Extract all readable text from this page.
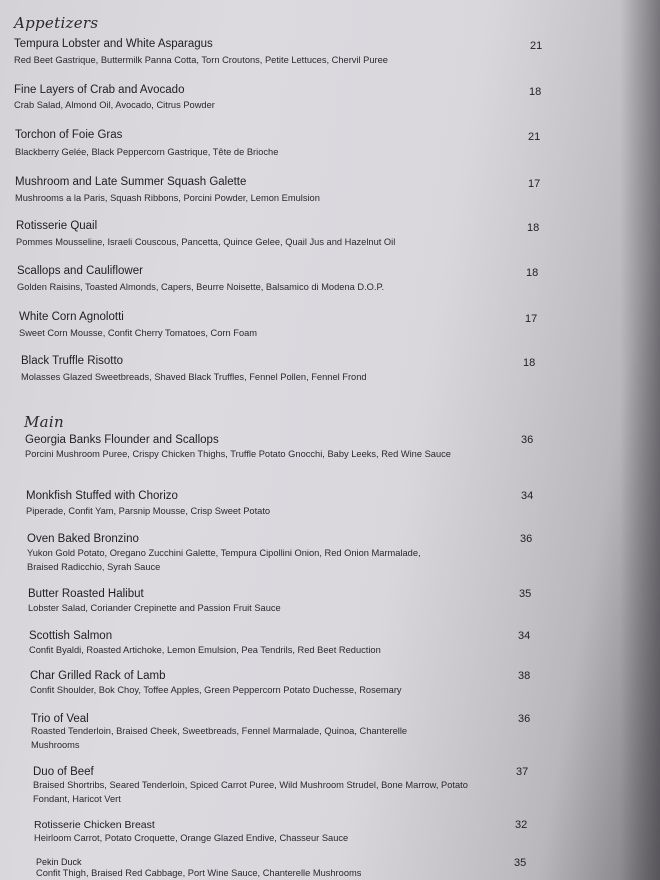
Appetizers
Tempura Lobster and White Asparagus
Red Beet Gastrique, Buttermilk Panna Cotta, Torn Croutons, Petite Lettuces, Chervil Puree
21
Fine Layers of Crab and Avocado
Crab Salad, Almond Oil, Avocado, Citrus Powder
18
Torchon of Foie Gras
Blackberry Gelée, Black Peppercorn Gastrique, Tête de Brioche
21
Mushroom and Late Summer Squash Galette
Mushrooms a la Paris, Squash Ribbons, Porcini Powder, Lemon Emulsion
17
Rotisserie Quail
Pommes Mousseline, Israeli Couscous, Pancetta, Quince Gelee, Quail Jus and Hazelnut Oil
18
Scallops and Cauliflower
Golden Raisins, Toasted Almonds, Capers, Beurre Noisette, Balsamico di Modena D.O.P.
18
White Corn Agnolotti
Sweet Corn Mousse, Confit Cherry Tomatoes, Corn Foam
17
Black Truffle Risotto
Molasses Glazed Sweetbreads, Shaved Black Truffles, Fennel Pollen, Fennel Frond
18
Main
Georgia Banks Flounder and Scallops
Porcini Mushroom Puree, Crispy Chicken Thighs, Truffle Potato Gnocchi, Baby Leeks, Red Wine Sauce
36
Monkfish Stuffed with Chorizo
Piperade, Confit Yam, Parsnip Mousse, Crisp Sweet Potato
34
Oven Baked Bronzino
Yukon Gold Potato, Oregano Zucchini Galette, Tempura Cipollini Onion, Red Onion Marmalade, Braised Radicchio, Syrah Sauce
36
Butter Roasted Halibut
Lobster Salad, Coriander Crepinette and Passion Fruit Sauce
35
Scottish Salmon
Confit Byaldi, Roasted Artichoke, Lemon Emulsion, Pea Tendrils, Red Beet Reduction
34
Char Grilled Rack of Lamb
Confit Shoulder, Bok Choy, Toffee Apples, Green Peppercorn Potato Duchesse, Rosemary
38
Trio of Veal
Roasted Tenderloin, Braised Cheek, Sweetbreads, Fennel Marmalade, Quinoa, Chanterelle Mushrooms
36
Duo of Beef
Braised Shortribs, Seared Tenderloin, Spiced Carrot Puree, Wild Mushroom Strudel, Bone Marrow, Potato Fondant, Haricot Vert
37
Rotisserie Chicken Breast
Heirloom Carrot, Potato Croquette, Orange Glazed Endive, Chasseur Sauce
32
Pekin Duck
Confit Thigh, Braised Red Cabbage, Port Wine Sauce, Chanterelle Mushrooms
35
